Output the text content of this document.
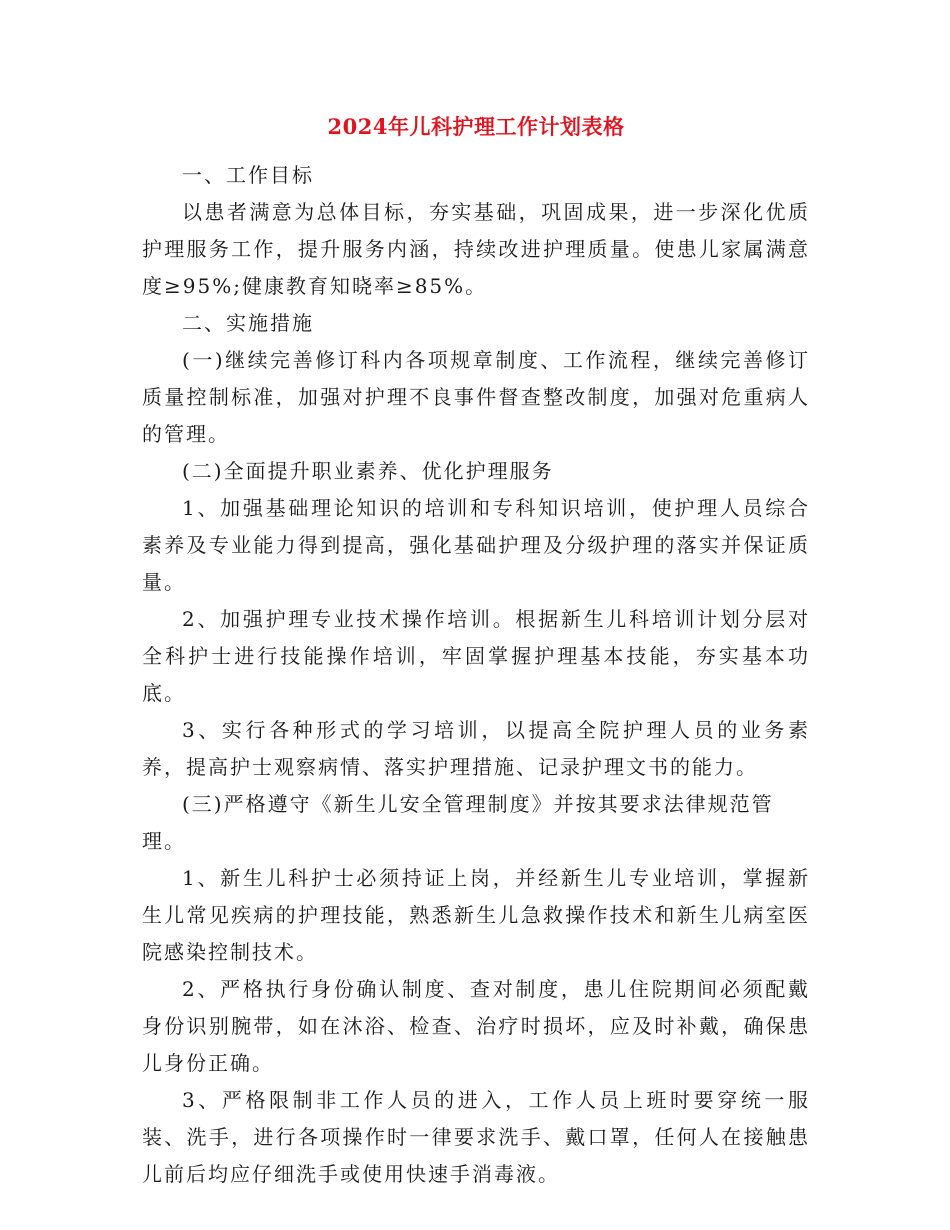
2024年儿科护理工作计划表格

一、工作目标

以患者满意为总体目标，夯实基础，巩固成果，进一步深化优质护理服务工作，提升服务内涵，持续改进护理质量。使患儿家属满意度≥95%;健康教育知晓率≥85%。

二、实施措施

(一)继续完善修订科内各项规章制度、工作流程，继续完善修订质量控制标准，加强对护理不良事件督查整改制度，加强对危重病人的管理。

(二)全面提升职业素养、优化护理服务

1、加强基础理论知识的培训和专科知识培训，使护理人员综合素养及专业能力得到提高，强化基础护理及分级护理的落实并保证质量。

2、加强护理专业技术操作培训。根据新生儿科培训计划分层对全科护士进行技能操作培训，牢固掌握护理基本技能，夯实基本功底。

3、实行各种形式的学习培训，以提高全院护理人员的业务素养，提高护士观察病情、落实护理措施、记录护理文书的能力。

(三)严格遵守《新生儿安全管理制度》并按其要求法律规范管理。

1、新生儿科护士必须持证上岗，并经新生儿专业培训，掌握新生儿常见疾病的护理技能，熟悉新生儿急救操作技术和新生儿病室医院感染控制技术。

2、严格执行身份确认制度、查对制度，患儿住院期间必须配戴身份识别腕带，如在沐浴、检查、治疗时损坏，应及时补戴，确保患儿身份正确。

3、严格限制非工作人员的进入，工作人员上班时要穿统一服装、洗手，进行各项操作时一律要求洗手、戴口罩，任何人在接触患儿前后均应仔细洗手或使用快速手消毒液。
